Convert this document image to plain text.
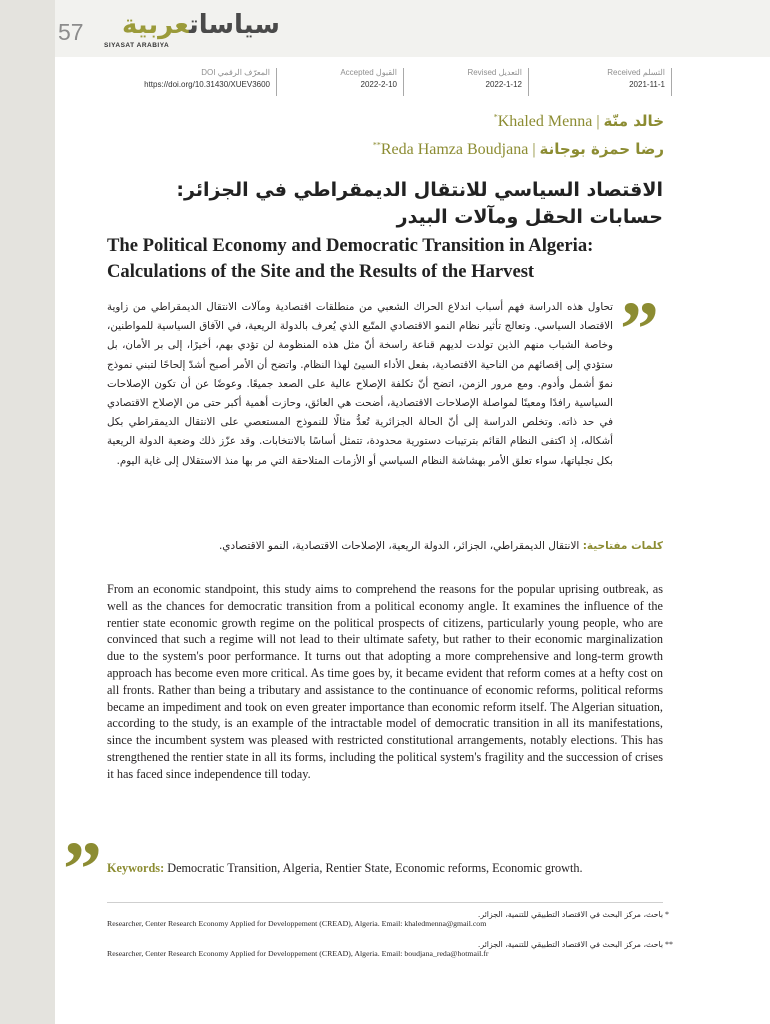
57	سياساتعربية
SIYASAT ARABIYA
Received التسلم
2021-11-1
Revised التعديل
2022-1-12
Accepted القبول
2022-2-10
DOI المعرّف الرقمي
https://doi.org/10.31430/XUEV3600
*Khaled Menna | خالد منّة
**Reda Hamza Boudjana | رضا حمزة بوجانة
الاقتصاد السياسي للانتقال الديمقراطي في الجزائر:
حسابات الحقل ومآلات البيدر
The Political Economy and Democratic Transition in Algeria:
Calculations of the Site and the Results of the Harvest
”
تحاول هذه الدراسة فهم أسباب اندلاع الحراك الشعبي من منطلقات اقتصادية ومآلات الانتقال الديمقراطي من زاوية الاقتصاد السياسي. وتعالج تأثير نظام النمو الاقتصادي المتّبع الذي يُعرف بالدولة الريعية، في الآفاق السياسية للمواطنين، وخاصة الشباب منهم الذين تولدت لديهم قناعة راسخة أنّ مثل هذه المنظومة لن تؤدي بهم، أخيرًا، إلى بر الأمان، بل ستؤدي إلى إقصائهم من الناحية الاقتصادية، بفعل الأداء السيئ لهذا النظام. واتضح أن الأمر أصبح أشدّ إلحاحًا لتبني نموذج نموّ أشمل وأدوم. ومع مرور الزمن، اتضح أنّ تكلفة الإصلاح عالية على الصعد جميعًا. وعوضًا عن أن تكون الإصلاحات السياسية رافدًا ومعينًا لمواصلة الإصلاحات الاقتصادية، أضحت هي العائق، وحازت أهمية أكبر حتى من الإصلاح الاقتصادي في حد ذاته. وتخلص الدراسة إلى أنّ الحالة الجزائرية تُعدُّ مثالًا للنموذج المستعصي على الانتقال الديمقراطي بكل أشكاله، إذ اكتفى النظام القائم بترتيبات دستورية محدودة، تتمثل أساسًا بالانتخابات. وقد عزّز ذلك وضعية الدولة الريعية بكل تجلياتها، سواء تعلق الأمر بهشاشة النظام السياسي أو الأزمات المتلاحقة التي مر بها منذ الاستقلال إلى غاية اليوم.
كلمات مفتاحية: الانتقال الديمقراطي، الجزائر، الدولة الريعية، الإصلاحات الاقتصادية، النمو الاقتصادي.
From an economic standpoint, this study aims to comprehend the reasons for the popular uprising outbreak, as well as the chances for democratic transition from a political economy angle. It examines the influence of the rentier state economic growth regime on the political prospects of citizens, particularly young people, who are convinced that such a regime will not lead to their ultimate safety, but rather to their economic marginalization due to the system's poor performance. It turns out that adopting a more comprehensive and long-term growth approach has become even more critical. As time goes by, it became evident that reform comes at a hefty cost on all fronts. Rather than being a tributary and assistance to the continuance of economic reforms, political reforms became an impediment and took on even greater importance than economic reform itself. The Algerian situation, according to the study, is an example of the intractable model of democratic transition in all its manifestations, since the incumbent system was pleased with restricted constitutional arrangements, notably elections. This has strengthened the rentier state in all its forms, including the political system's fragility and the succession of crises it has faced since independence till today.
” Keywords: Democratic Transition, Algeria, Rentier State, Economic reforms, Economic growth.
*
باحث، مركز البحث في الاقتصاد التطبيقي للتنمية، الجزائر.
Researcher, Center Research Economy Applied for Developpement (CREAD), Algeria. Email: khaledmenna@gmail.com
**
باحث، مركز البحث في الاقتصاد التطبيقي للتنمية، الجزائر.
Researcher, Center Research Economy Applied for Developpement (CREAD), Algeria. Email: boudjana_reda@hotmail.fr
